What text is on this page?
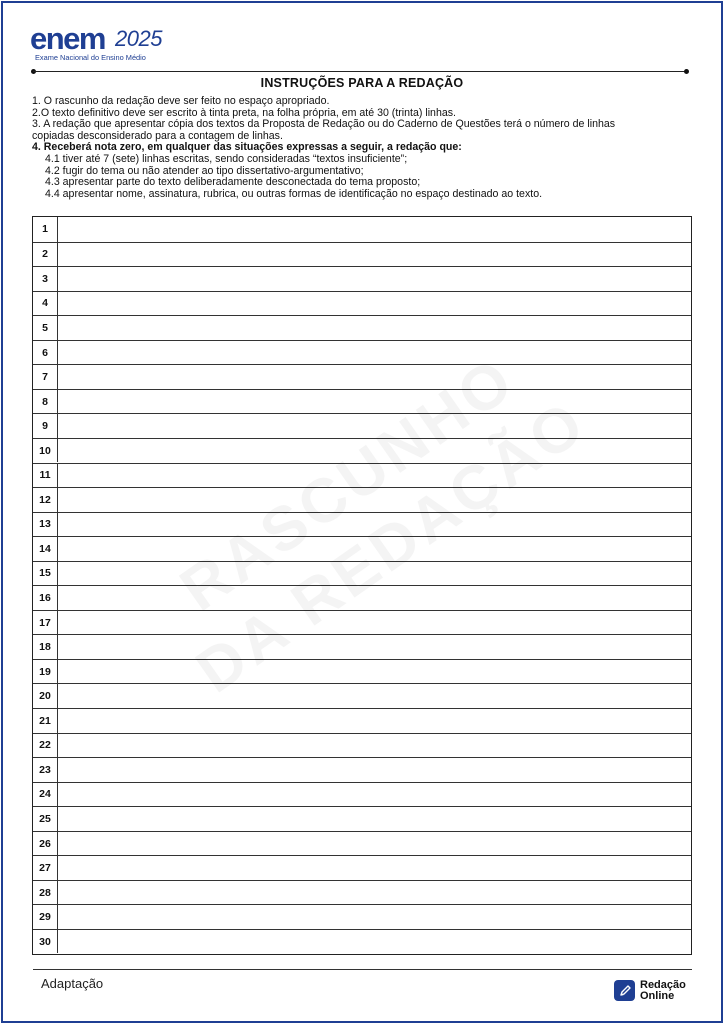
enem 2025
Exame Nacional do Ensino Médio
INSTRUÇÕES PARA A REDAÇÃO

1. O rascunho da redação deve ser feito no espaço apropriado.

2.O texto definitivo deve ser escrito à tinta preta, na folha própria, em até 30 (trinta) linhas.

3. A redação que apresentar cópia dos textos da Proposta de Redação ou do Caderno de Questões terá o número de linhas copiadas desconsiderado para a contagem de linhas.

4. Receberá nota zero, em qualquer das situações expressas a seguir, a redação que:

4.1 tiver até 7 (sete) linhas escritas, sendo consideradas “textos insuficiente”;

4.2 fugir do tema ou não atender ao tipo dissertativo-argumentativo;

4.3 apresentar parte do texto deliberadamente desconectada do tema proposto;

4.4 apresentar nome, assinatura, rubrica, ou outras formas de identificação no espaço destinado ao texto.

1
2
3
4
5
6
7
8
9
10
11
12
13
14
15
16
17
18
19
20
21
22
23
24
25
26
27
28
29
30
Adaptação	Redação
Online
